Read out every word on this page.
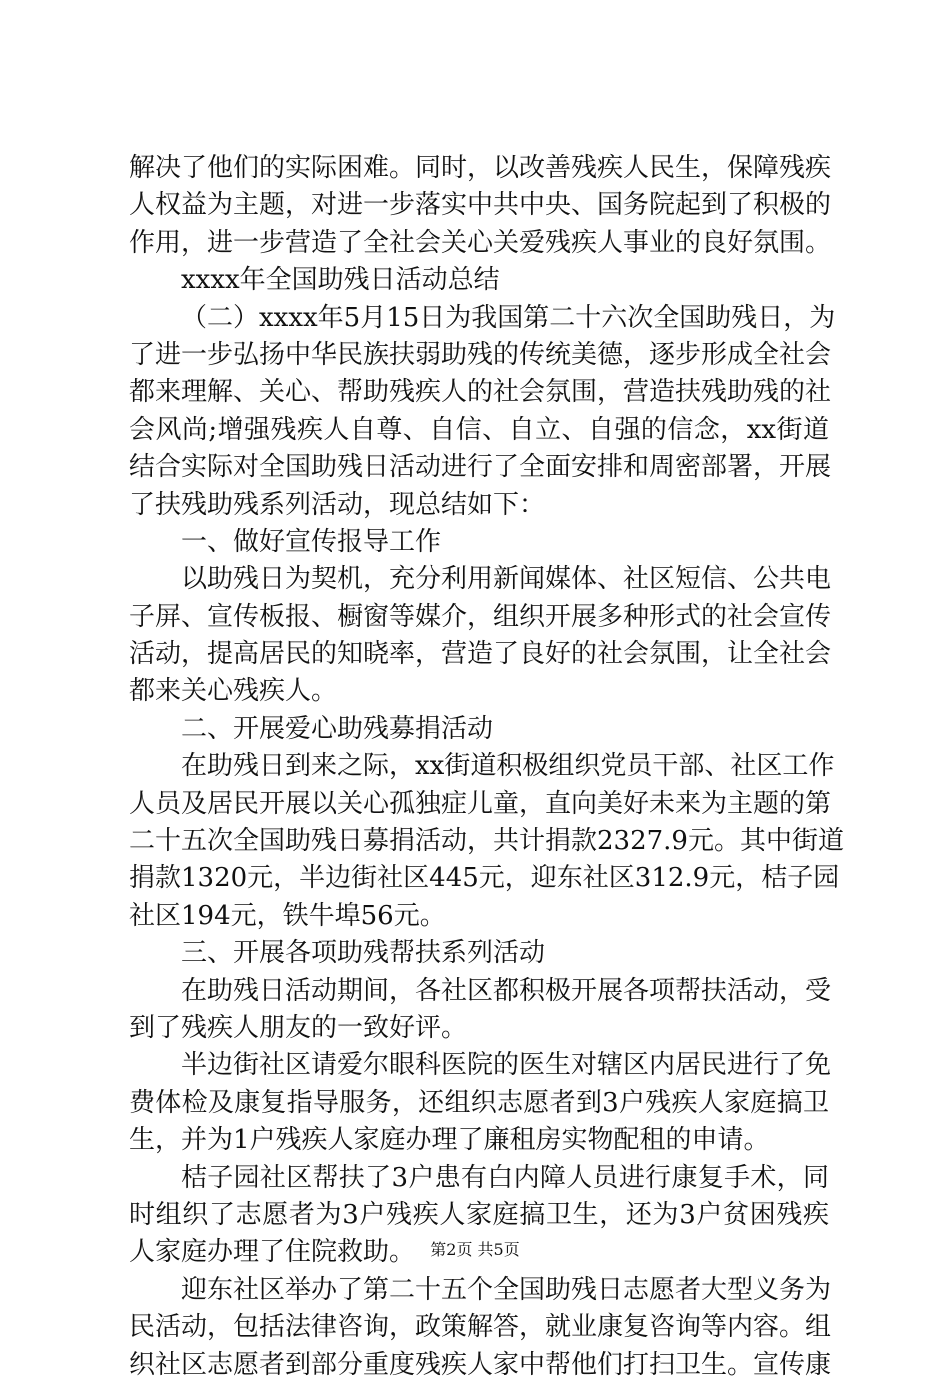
解决了他们的实际困难。同时，以改善残疾人民生，保障残疾
人权益为主题，对进一步落实中共中央、国务院起到了积极的
作用，进一步营造了全社会关心关爱残疾人事业的良好氛围。
xxxx年全国助残日活动总结
（二）xxxx年5月15日为我国第二十六次全国助残日，为
了进一步弘扬中华民族扶弱助残的传统美德，逐步形成全社会
都来理解、关心、帮助残疾人的社会氛围，营造扶残助残的社
会风尚;增强残疾人自尊、自信、自立、自强的信念，xx街道
结合实际对全国助残日活动进行了全面安排和周密部署，开展
了扶残助残系列活动，现总结如下：
一、做好宣传报导工作
以助残日为契机，充分利用新闻媒体、社区短信、公共电
子屏、宣传板报、橱窗等媒介，组织开展多种形式的社会宣传
活动，提高居民的知晓率，营造了良好的社会氛围，让全社会
都来关心残疾人。
二、开展爱心助残募捐活动
在助残日到来之际，xx街道积极组织党员干部、社区工作
人员及居民开展以关心孤独症儿童，直向美好未来为主题的第
二十五次全国助残日募捐活动，共计捐款2327.9元。其中街道
捐款1320元，半边街社区445元，迎东社区312.9元，桔子园
社区194元，铁牛埠56元。
三、开展各项助残帮扶系列活动
在助残日活动期间，各社区都积极开展各项帮扶活动，受
到了残疾人朋友的一致好评。
半边街社区请爱尔眼科医院的医生对辖区内居民进行了免
费体检及康复指导服务，还组织志愿者到3户残疾人家庭搞卫
生，并为1户残疾人家庭办理了廉租房实物配租的申请。
桔子园社区帮扶了3户患有白内障人员进行康复手术，同
时组织了志愿者为3户残疾人家庭搞卫生，还为3户贫困残疾
人家庭办理了住院救助。
迎东社区举办了第二十五个全国助残日志愿者大型义务为
民活动，包括法律咨询，政策解答，就业康复咨询等内容。组
织社区志愿者到部分重度残疾人家中帮他们打扫卫生。宣传康
第2页 共5页
